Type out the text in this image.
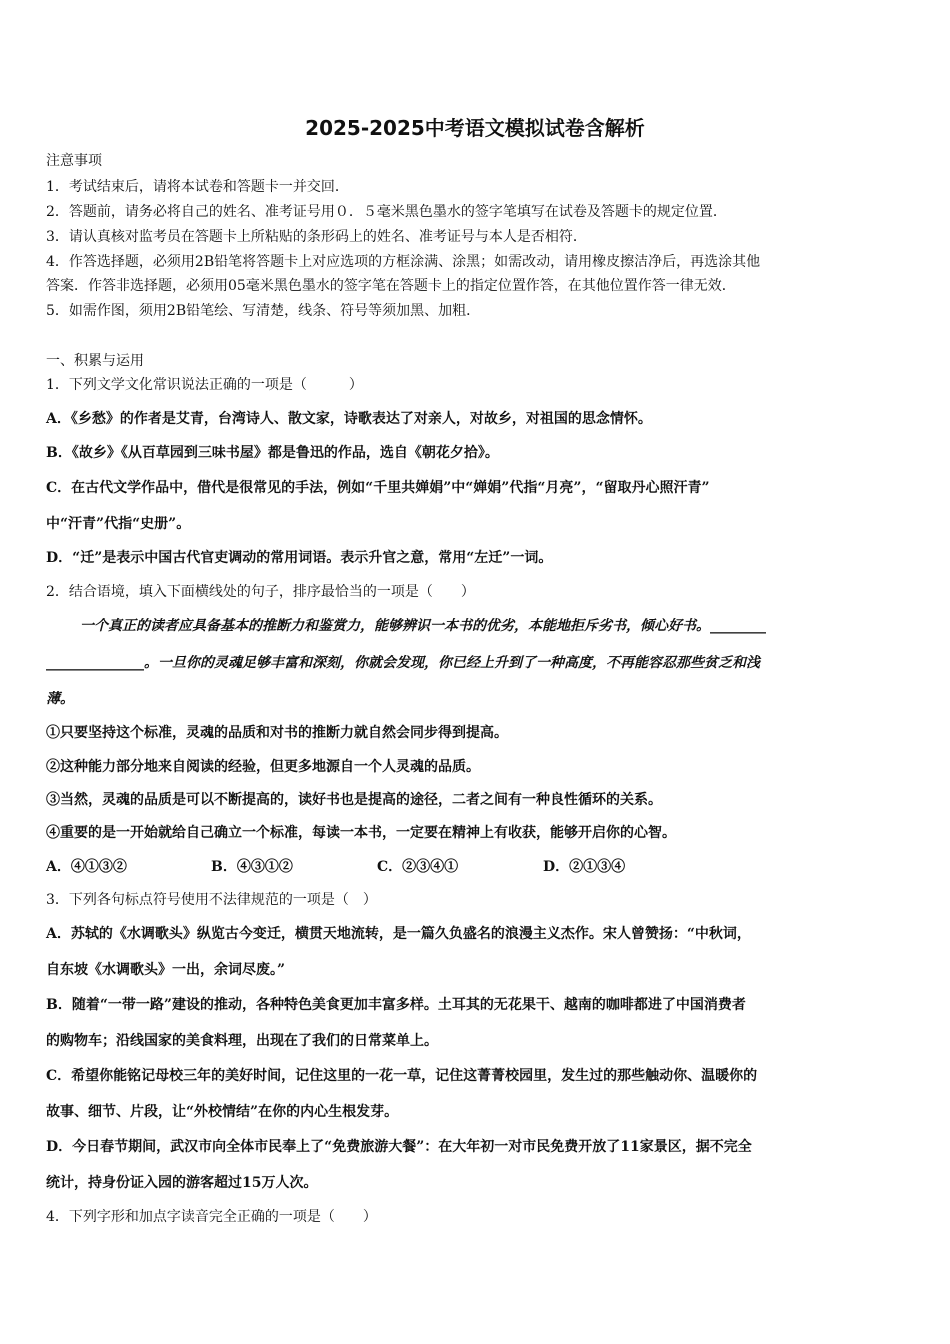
2025-2025中考语文模拟试卷含解析
注意事项
1．考试结束后，请将本试卷和答题卡一并交回．
2．答题前，请务必将自己的姓名、准考证号用０．５毫米黑色墨水的签字笔填写在试卷及答题卡的规定位置．
3．请认真核对监考员在答题卡上所粘贴的条形码上的姓名、准考证号与本人是否相符．
4．作答选择题，必须用2B铅笔将答题卡上对应选项的方框涂满、涂黑；如需改动，请用橡皮擦洁净后，再选涂其他
答案．作答非选择题，必须用05毫米黑色墨水的签字笔在答题卡上的指定位置作答，在其他位置作答一律无效．
5．如需作图，须用2B铅笔绘、写清楚，线条、符号等须加黑、加粗．
一、积累与运用
1．下列文学文化常识说法正确的一项是（　　　）
A．《乡愁》的作者是艾青，台湾诗人、散文家，诗歌表达了对亲人，对故乡，对祖国的思念情怀。
B．《故乡》《从百草园到三味书屋》都是鲁迅的作品，选自《朝花夕拾》。
C．在古代文学作品中，借代是很常见的手法，例如“千里共婵娟”中“婵娟”代指“月亮”，“留取丹心照汗青”
中“汗青”代指“史册”。
D．“迁”是表示中国古代官吏调动的常用词语。表示升官之意，常用“左迁”一词。
2．结合语境，填入下面横线处的句子，排序最恰当的一项是（　　）
一个真正的读者应具备基本的推断力和鉴赏力，能够辨识一本书的优劣，本能地拒斥劣书，倾心好书。________
______________。一旦你的灵魂足够丰富和深刻，你就会发现，你已经上升到了一种高度，不再能容忍那些贫乏和浅
薄。
①只要坚持这个标准，灵魂的品质和对书的推断力就自然会同步得到提高。
②这种能力部分地来自阅读的经验，但更多地源自一个人灵魂的品质。
③当然，灵魂的品质是可以不断提高的，读好书也是提高的途径，二者之间有一种良性循环的关系。
④重要的是一开始就给自己确立一个标准，每读一本书，一定要在精神上有收获，能够开启你的心智。
A．④①③②	B．④③①②	C．②③④①	D．②①③④
3．下列各句标点符号使用不法律规范的一项是（　）
A．苏轼的《水调歌头》纵览古今变迁，横贯天地流转，是一篇久负盛名的浪漫主义杰作。宋人曾赞扬：“中秋词，
自东坡《水调歌头》一出，余词尽废。”
B．随着“一带一路”建设的推动，各种特色美食更加丰富多样。土耳其的无花果干、越南的咖啡都进了中国消费者
的购物车；沿线国家的美食料理，出现在了我们的日常菜单上。
C．希望你能铭记母校三年的美好时间，记住这里的一花一草，记住这菁菁校园里，发生过的那些触动你、温暖你的
故事、细节、片段，让“外校情结”在你的内心生根发芽。
D．今日春节期间，武汉市向全体市民奉上了“免费旅游大餐”：在大年初一对市民免费开放了11家景区，据不完全
统计，持身份证入园的游客超过15万人次。
4．下列字形和加点字读音完全正确的一项是（　　）
